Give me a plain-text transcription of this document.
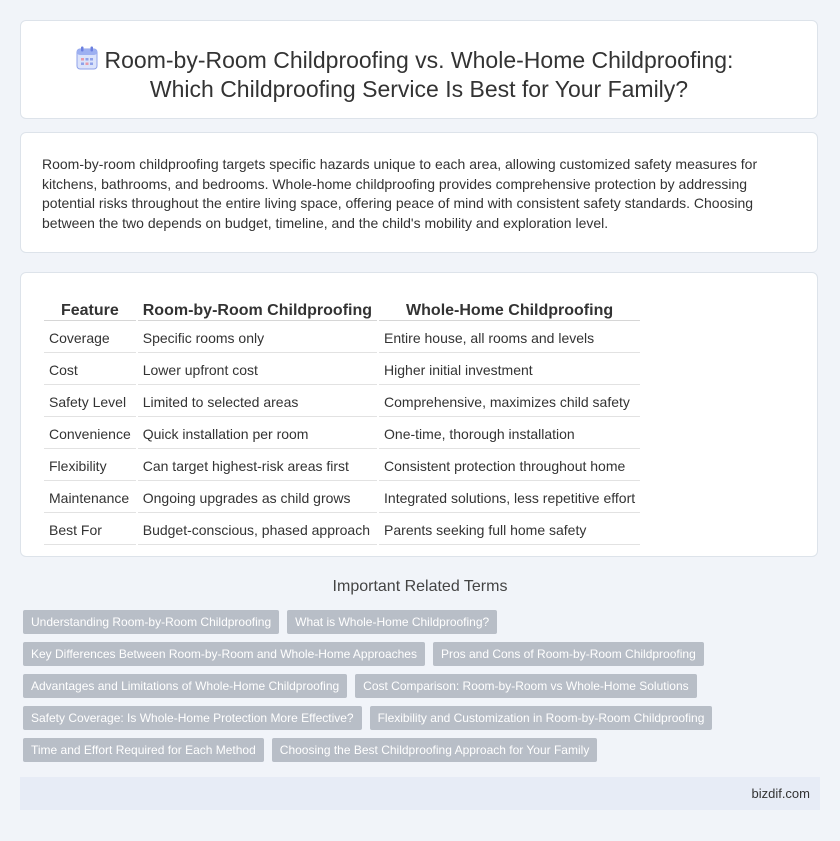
Room-by-Room Childproofing vs. Whole-Home Childproofing:
Which Childproofing Service Is Best for Your Family?
Room-by-room childproofing targets specific hazards unique to each area, allowing customized safety measures for kitchens, bathrooms, and bedrooms. Whole-home childproofing provides comprehensive protection by addressing potential risks throughout the entire living space, offering peace of mind with consistent safety standards. Choosing between the two depends on budget, timeline, and the child's mobility and exploration level.
Feature	Room-by-Room Childproofing	Whole-Home Childproofing
Coverage	Specific rooms only	Entire house, all rooms and levels
Cost	Lower upfront cost	Higher initial investment
Safety Level	Limited to selected areas	Comprehensive, maximizes child safety
Convenience	Quick installation per room	One-time, thorough installation
Flexibility	Can target highest-risk areas first	Consistent protection throughout home
Maintenance	Ongoing upgrades as child grows	Integrated solutions, less repetitive effort
Best For	Budget-conscious, phased approach	Parents seeking full home safety
Important Related Terms
Understanding Room-by-Room Childproofing	What is Whole-Home Childproofing?
Key Differences Between Room-by-Room and Whole-Home Approaches	Pros and Cons of Room-by-Room Childproofing
Advantages and Limitations of Whole-Home Childproofing	Cost Comparison: Room-by-Room vs Whole-Home Solutions
Safety Coverage: Is Whole-Home Protection More Effective?	Flexibility and Customization in Room-by-Room Childproofing
Time and Effort Required for Each Method	Choosing the Best Childproofing Approach for Your Family
bizdif.com
